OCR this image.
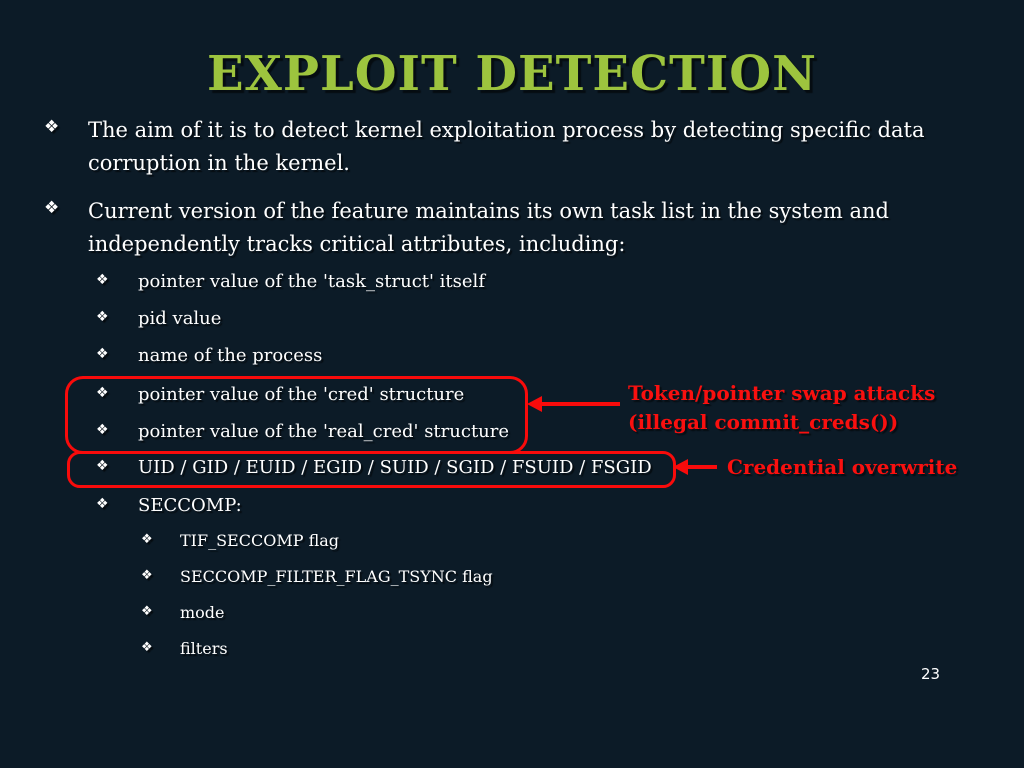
EXPLOIT DETECTION
❖ The aim of it is to detect kernel exploitation process by detecting specific data
corruption in the kernel.
❖ Current version of the feature maintains its own task list in the system and
independently tracks critical attributes, including:
❖ pointer value of the 'task_struct' itself
❖ pid value
❖ name of the process
❖ pointer value of the 'cred' structure
❖ pointer value of the 'real_cred' structure
❖ UID / GID / EUID / EGID / SUID / SGID / FSUID / FSGID
❖ SECCOMP:
❖ TIF_SECCOMP flag
❖ SECCOMP_FILTER_FLAG_TSYNC flag
❖ mode
❖ filters
Token/pointer swap attacks
(illegal commit_creds())
Credential overwrite
23
